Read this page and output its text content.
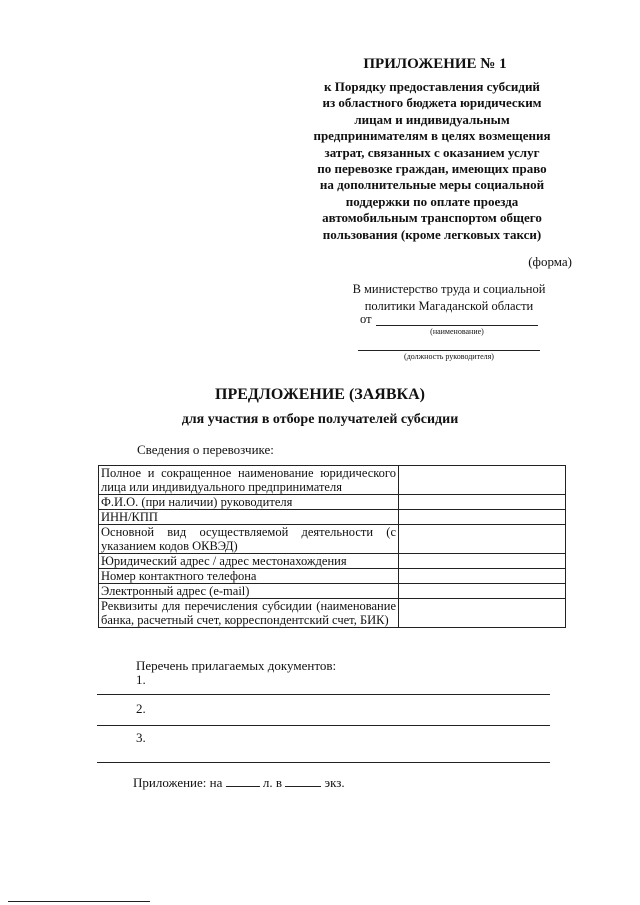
ПРИЛОЖЕНИЕ № 1
к Порядку предоставления субсидий
из областного бюджета юридическим
лицам и индивидуальным
предпринимателям в целях возмещения
затрат, связанных с оказанием услуг
по перевозке граждан, имеющих право
на дополнительные меры социальной
поддержки по оплате проезда
автомобильным транспортом общего
пользования (кроме легковых такси)
(форма)
В министерство труда и социальной
политики Магаданской области
от
(наименование)
(должность руководителя)
ПРЕДЛОЖЕНИЕ (ЗАЯВКА)
для участия в отборе получателей субсидии
Сведения о перевозчике:
Полное и сокращенное наименование юридического лица или индивидуального предпринимателя	
Ф.И.О. (при наличии) руководителя	
ИНН/КПП	
Основной вид осуществляемой деятельности (с указанием кодов ОКВЭД)	
Юридический адрес / адрес местонахождения	
Номер контактного телефона	
Электронный адрес (e-mail)	
Реквизиты для перечисления субсидии (наименование банка, расчетный счет, корреспондентский счет, БИК)	
Перечень прилагаемых документов:
1.
2.
3.
Приложение: на	л. в	экз.
